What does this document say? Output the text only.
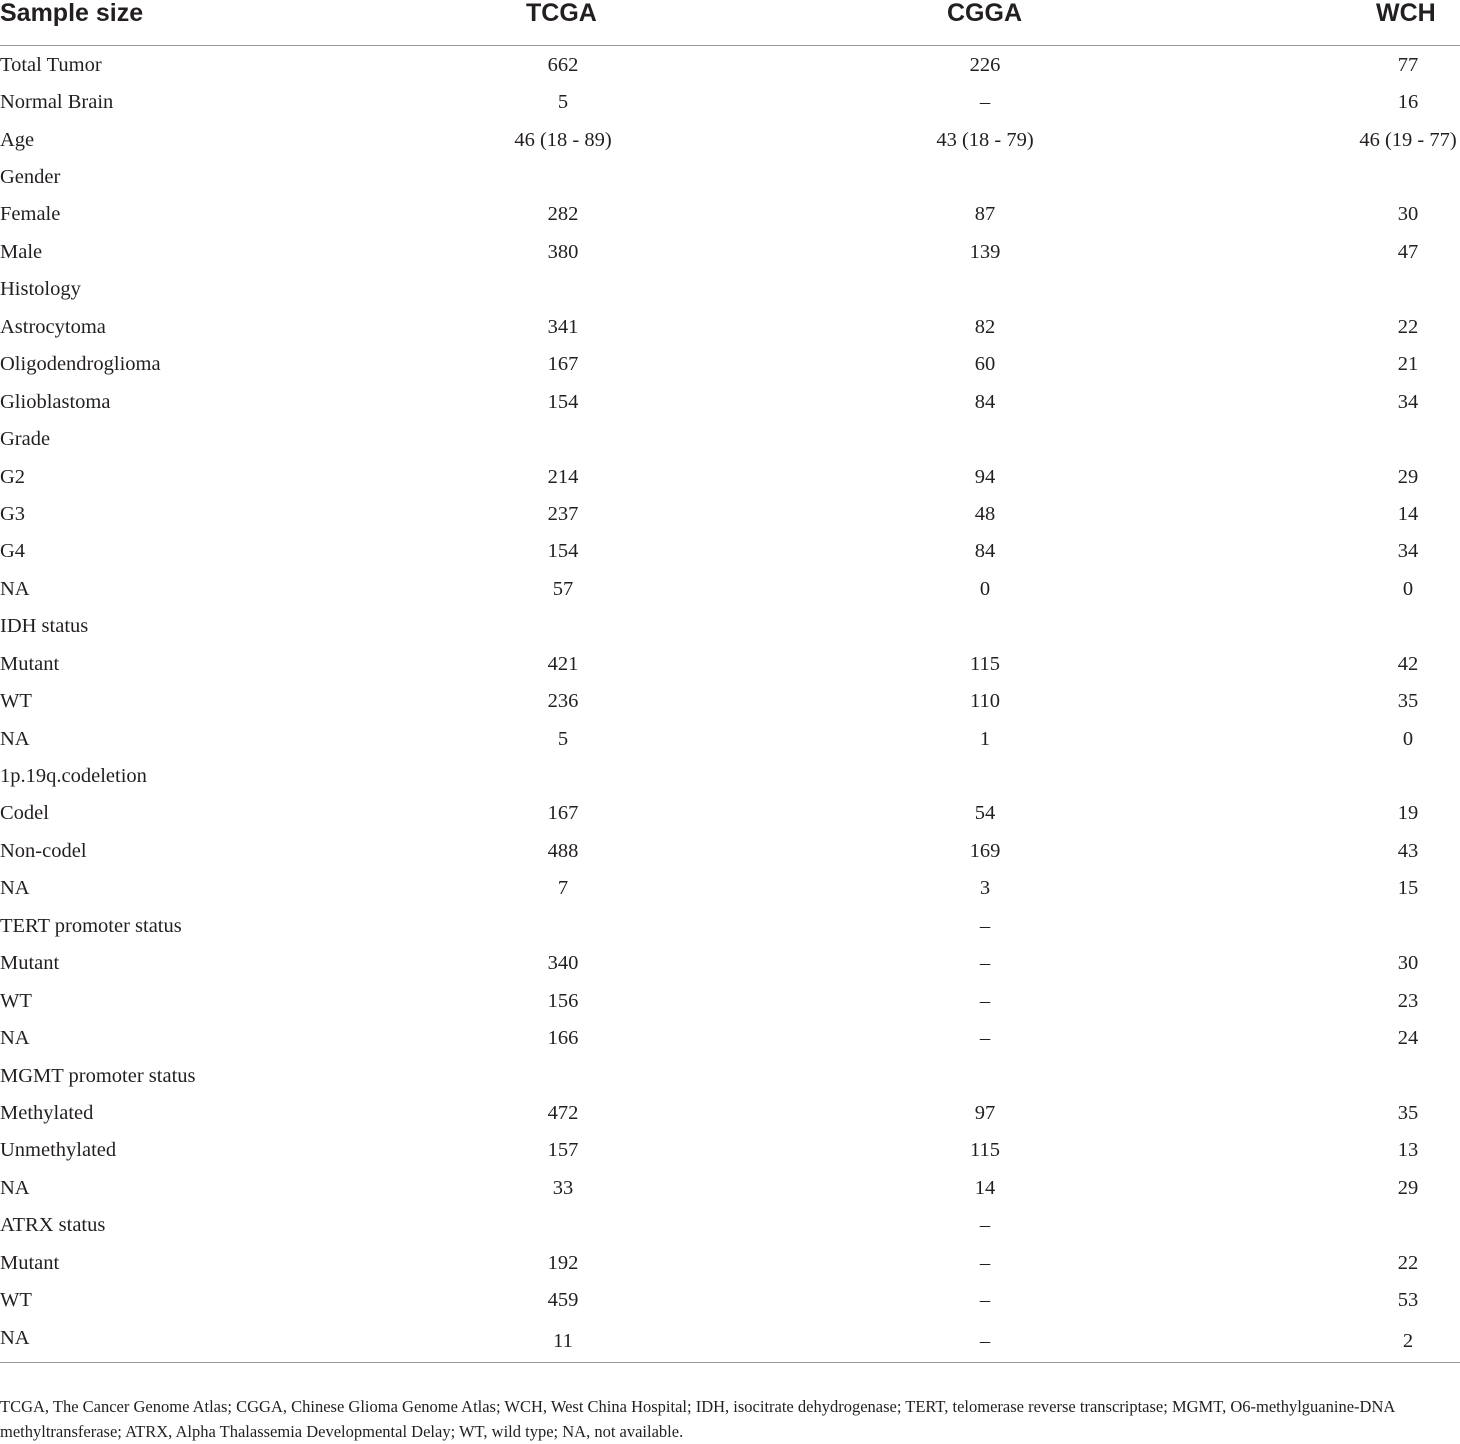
Sample size	TCGA	CGGA	WCH
Total Tumor	662	226	77

Normal Brain	5	–	16

Age	46 (18 - 89)	43 (18 - 79)	46 (19 - 77)

Gender	

Female	282	87	30

Male	380	139	47

Histology	

Astrocytoma	341	82	22

Oligodendroglioma	167	60	21

Glioblastoma	154	84	34

Grade	

G2	214	94	29

G3	237	48	14

G4	154	84	34

NA	57	0	0

IDH status	

Mutant	421	115	42

WT	236	110	35

NA	5	1	0

1p.19q.codeletion	

Codel	167	54	19

Non-codel	488	169	43

NA	7	3	15

TERT promoter status		–	

Mutant	340	–	30

WT	156	–	23

NA	166	–	24

MGMT promoter status	

Methylated	472	97	35

Unmethylated	157	115	13

NA	33	14	29

ATRX status		–	

Mutant	192	–	22

WT	459	–	53

NA	11	–	2
TCGA, The Cancer Genome Atlas; CGGA, Chinese Glioma Genome Atlas; WCH, West China Hospital; IDH, isocitrate dehydrogenase; TERT, telomerase reverse transcriptase; MGMT, O6-methylguanine-DNA methyltransferase; ATRX, Alpha Thalassemia Developmental Delay; WT, wild type; NA, not available.
